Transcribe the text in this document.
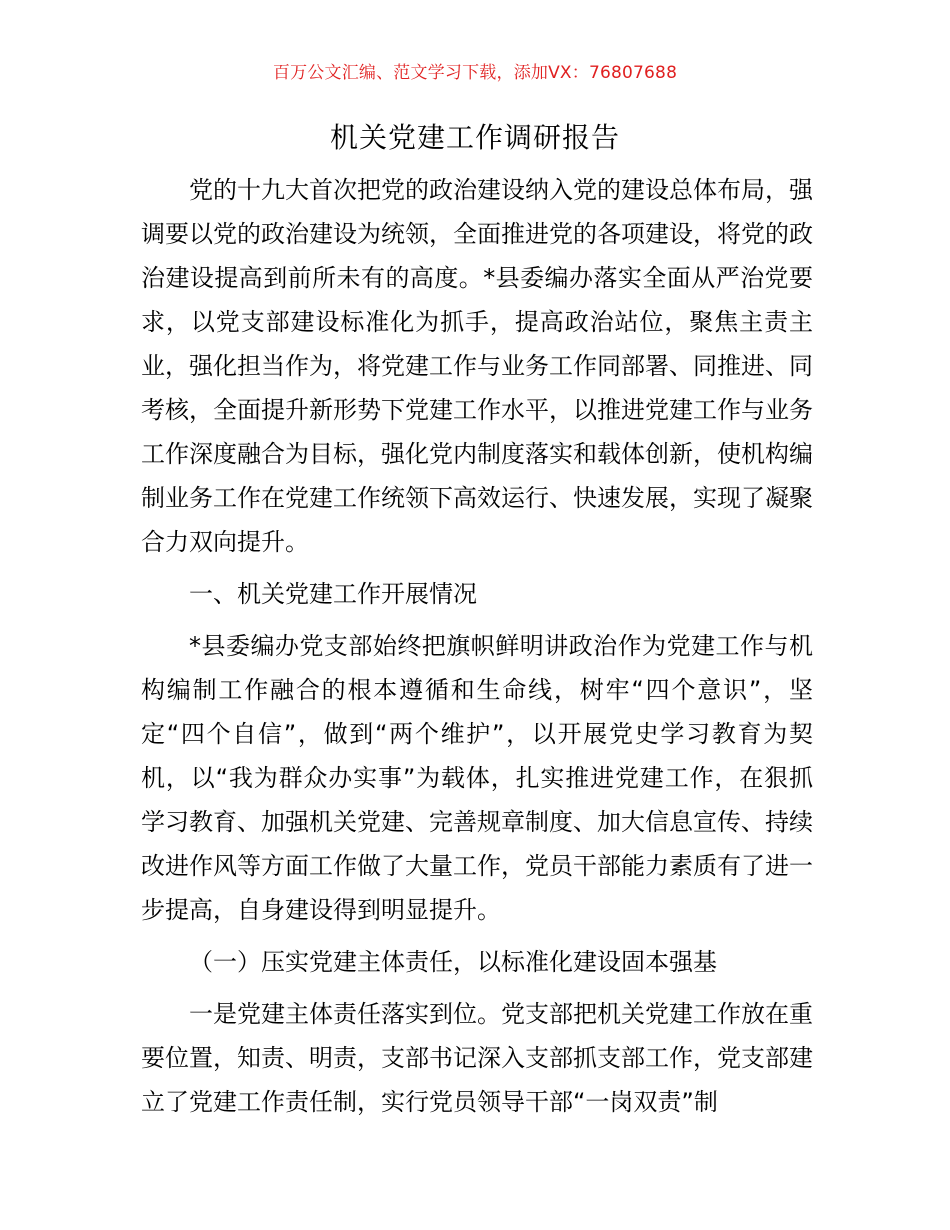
百万公文汇编、范文学习下载，添加VX：76807688
机关党建工作调研报告

党的十九大首次把党的政治建设纳入党的建设总体布局，强调要以党的政治建设为统领，全面推进党的各项建设，将党的政治建设提高到前所未有的高度。*县委编办落实全面从严治党要求，以党支部建设标准化为抓手，提高政治站位，聚焦主责主业，强化担当作为，将党建工作与业务工作同部署、同推进、同考核，全面提升新形势下党建工作水平，以推进党建工作与业务工作深度融合为目标，强化党内制度落实和载体创新，使机构编制业务工作在党建工作统领下高效运行、快速发展，实现了凝聚合力双向提升。

一、机关党建工作开展情况

*县委编办党支部始终把旗帜鲜明讲政治作为党建工作与机构编制工作融合的根本遵循和生命线，树牢“四个意识”，坚定“四个自信”，做到“两个维护”，以开展党史学习教育为契机，以“我为群众办实事”为载体，扎实推进党建工作，在狠抓学习教育、加强机关党建、完善规章制度、加大信息宣传、持续改进作风等方面工作做了大量工作，党员干部能力素质有了进一步提高，自身建设得到明显提升。

（一）压实党建主体责任，以标准化建设固本强基

一是党建主体责任落实到位。党支部把机关党建工作放在重要位置，知责、明责，支部书记深入支部抓支部工作，党支部建立了党建工作责任制，实行党员领导干部“一岗双责”制
